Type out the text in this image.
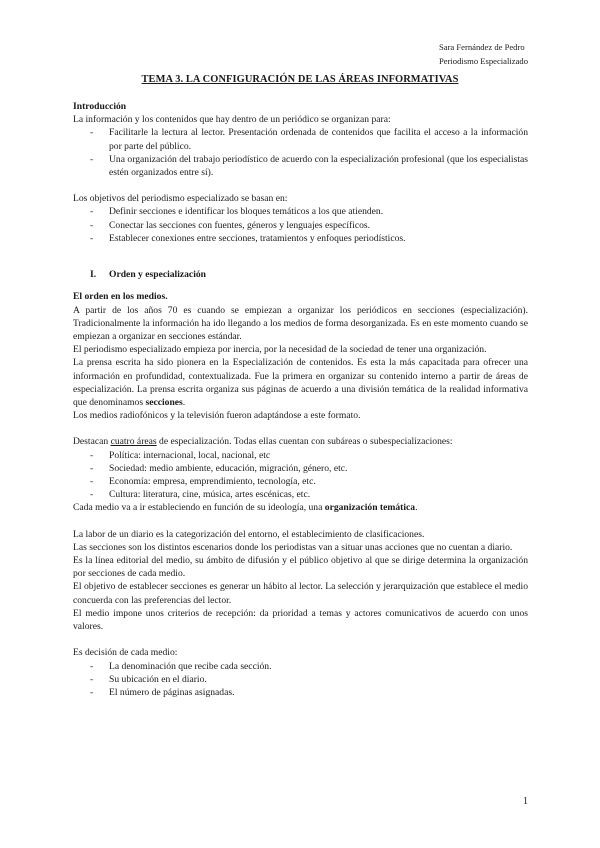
Sara Fernández de Pedro
Periodismo Especializado
TEMA 3. LA CONFIGURACIÓN DE LAS ÁREAS INFORMATIVAS

Introducción

La información y los contenidos que hay dentro de un periódico se organizan para:

- Facilitarle la lectura al lector. Presentación ordenada de contenidos que facilita el acceso a la información por parte del público.
- Una organización del trabajo periodístico de acuerdo con la especialización profesional (que los especialistas estén organizados entre sí).

Los objetivos del periodismo especializado se basan en:

- Definir secciones e identificar los bloques temáticos a los que atienden.
- Conectar las secciones con fuentes, géneros y lenguajes específicos.
- Establecer conexiones entre secciones, tratamientos y enfoques periodísticos.

I. Orden y especialización

El orden en los medios.

A partir de los años 70 es cuando se empiezan a organizar los periódicos en secciones (especialización). Tradicionalmente la información ha ido llegando a los medios de forma desorganizada. Es en este momento cuando se empiezan a organizar en secciones estándar.

El periodismo especializado empieza por inercia, por la necesidad de la sociedad de tener una organización.

La prensa escrita ha sido pionera en la Especialización de contenidos. Es esta la más capacitada para ofrecer una información en profundidad, contextualizada. Fue la primera en organizar su contenido interno a partir de áreas de especialización. La prensa escrita organiza sus páginas de acuerdo a una división temática de la realidad informativa que denominamos secciones.

Los medios radiofónicos y la televisión fueron adaptándose a este formato.

Destacan cuatro áreas de especialización. Todas ellas cuentan con subáreas o subespecializaciones:

- Política: internacional, local, nacional, etc
- Sociedad: medio ambiente, educación, migración, género, etc.
- Economía: empresa, emprendimiento, tecnología, etc.
- Cultura: literatura, cine, música, artes escénicas, etc.

Cada medio va a ir estableciendo en función de su ideología, una organización temática.

La labor de un diario es la categorización del entorno, el establecimiento de clasificaciones.

Las secciones son los distintos escenarios donde los periodistas van a situar unas acciones que no cuentan a diario.

Es la línea editorial del medio, su ámbito de difusión y el público objetivo al que se dirige determina la organización por secciones de cada medio.

El objetivo de establecer secciones es generar un hábito al lector. La selección y jerarquización que establece el medio concuerda con las preferencias del lector.

El medio impone unos criterios de recepción: da prioridad a temas y actores comunicativos de acuerdo con unos valores.

Es decisión de cada medio:

- La denominación que recibe cada sección.
- Su ubicación en el diario.
- El número de páginas asignadas.
1
